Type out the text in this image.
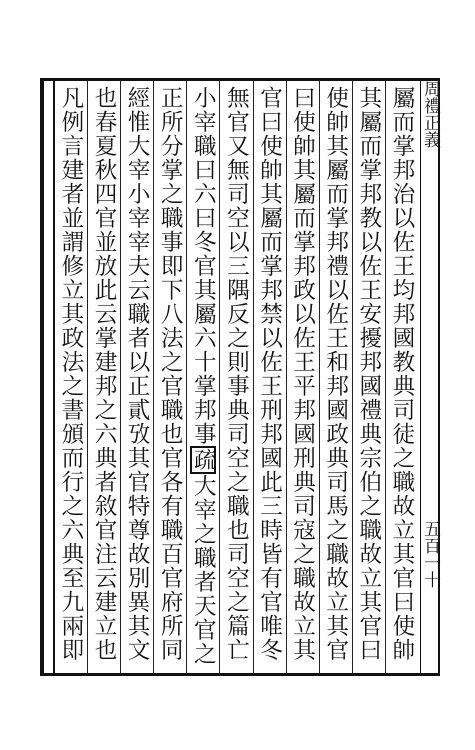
周禮正義
五百一十
屬而掌邦治以佐王均邦國教典司徒之職故立其官曰使帥
其屬而掌邦教以佐王安擾邦國禮典宗伯之職故立其官曰
使帥其屬而掌邦禮以佐王和邦國政典司馬之職故立其官
曰使帥其屬而掌邦政以佐王平邦國刑典司寇之職故立其
官曰使帥其屬而掌邦禁以佐王刑邦國此三時皆有官唯冬
無官又無司空以三隅反之則事典司空之職也司空之篇亡
小宰職曰六曰冬官其屬六十掌邦事疏大宰之職者天官之
正所分掌之職事即下八法之官職也官各有職百官府所同
經惟大宰小宰宰夫云職者以正貳攷其官特尊故別異其文
也春夏秋四官並放此云掌建邦之六典者敘官注云建立也
凡例言建者並謂修立其政法之書頒而行之六典至九兩即
